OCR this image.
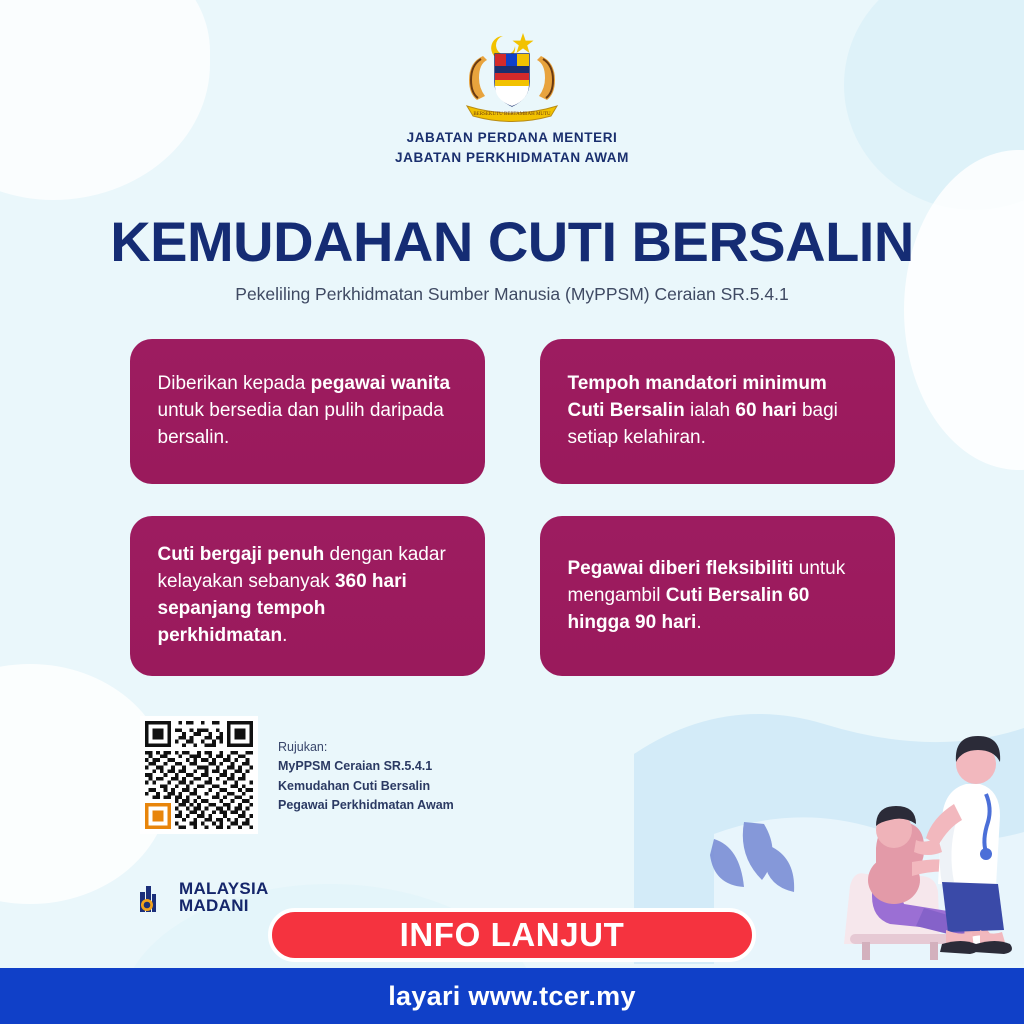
BERSEKUTU BERTAMBAH MUTU
JABATAN PERDANA MENTERI
JABATAN PERKHIDMATAN AWAM
KEMUDAHAN CUTI BERSALIN
Pekeliling Perkhidmatan Sumber Manusia (MyPPSM) Ceraian SR.5.4.1

Diberikan kepada pegawai wanita untuk bersedia dan pulih daripada bersalin.

Tempoh mandatori minimum Cuti Bersalin ialah 60 hari bagi setiap kelahiran.

Cuti bergaji penuh dengan kadar kelayakan sebanyak 360 hari sepanjang tempoh perkhidmatan.

Pegawai diberi fleksibiliti untuk mengambil Cuti Bersalin 60 hingga 90 hari.

Rujukan:
MyPPSM Ceraian SR.5.4.1
Kemudahan Cuti Bersalin
Pegawai Perkhidmatan Awam
MALAYSIA
MADANI
INFO LANJUT
layari www.tcer.my
